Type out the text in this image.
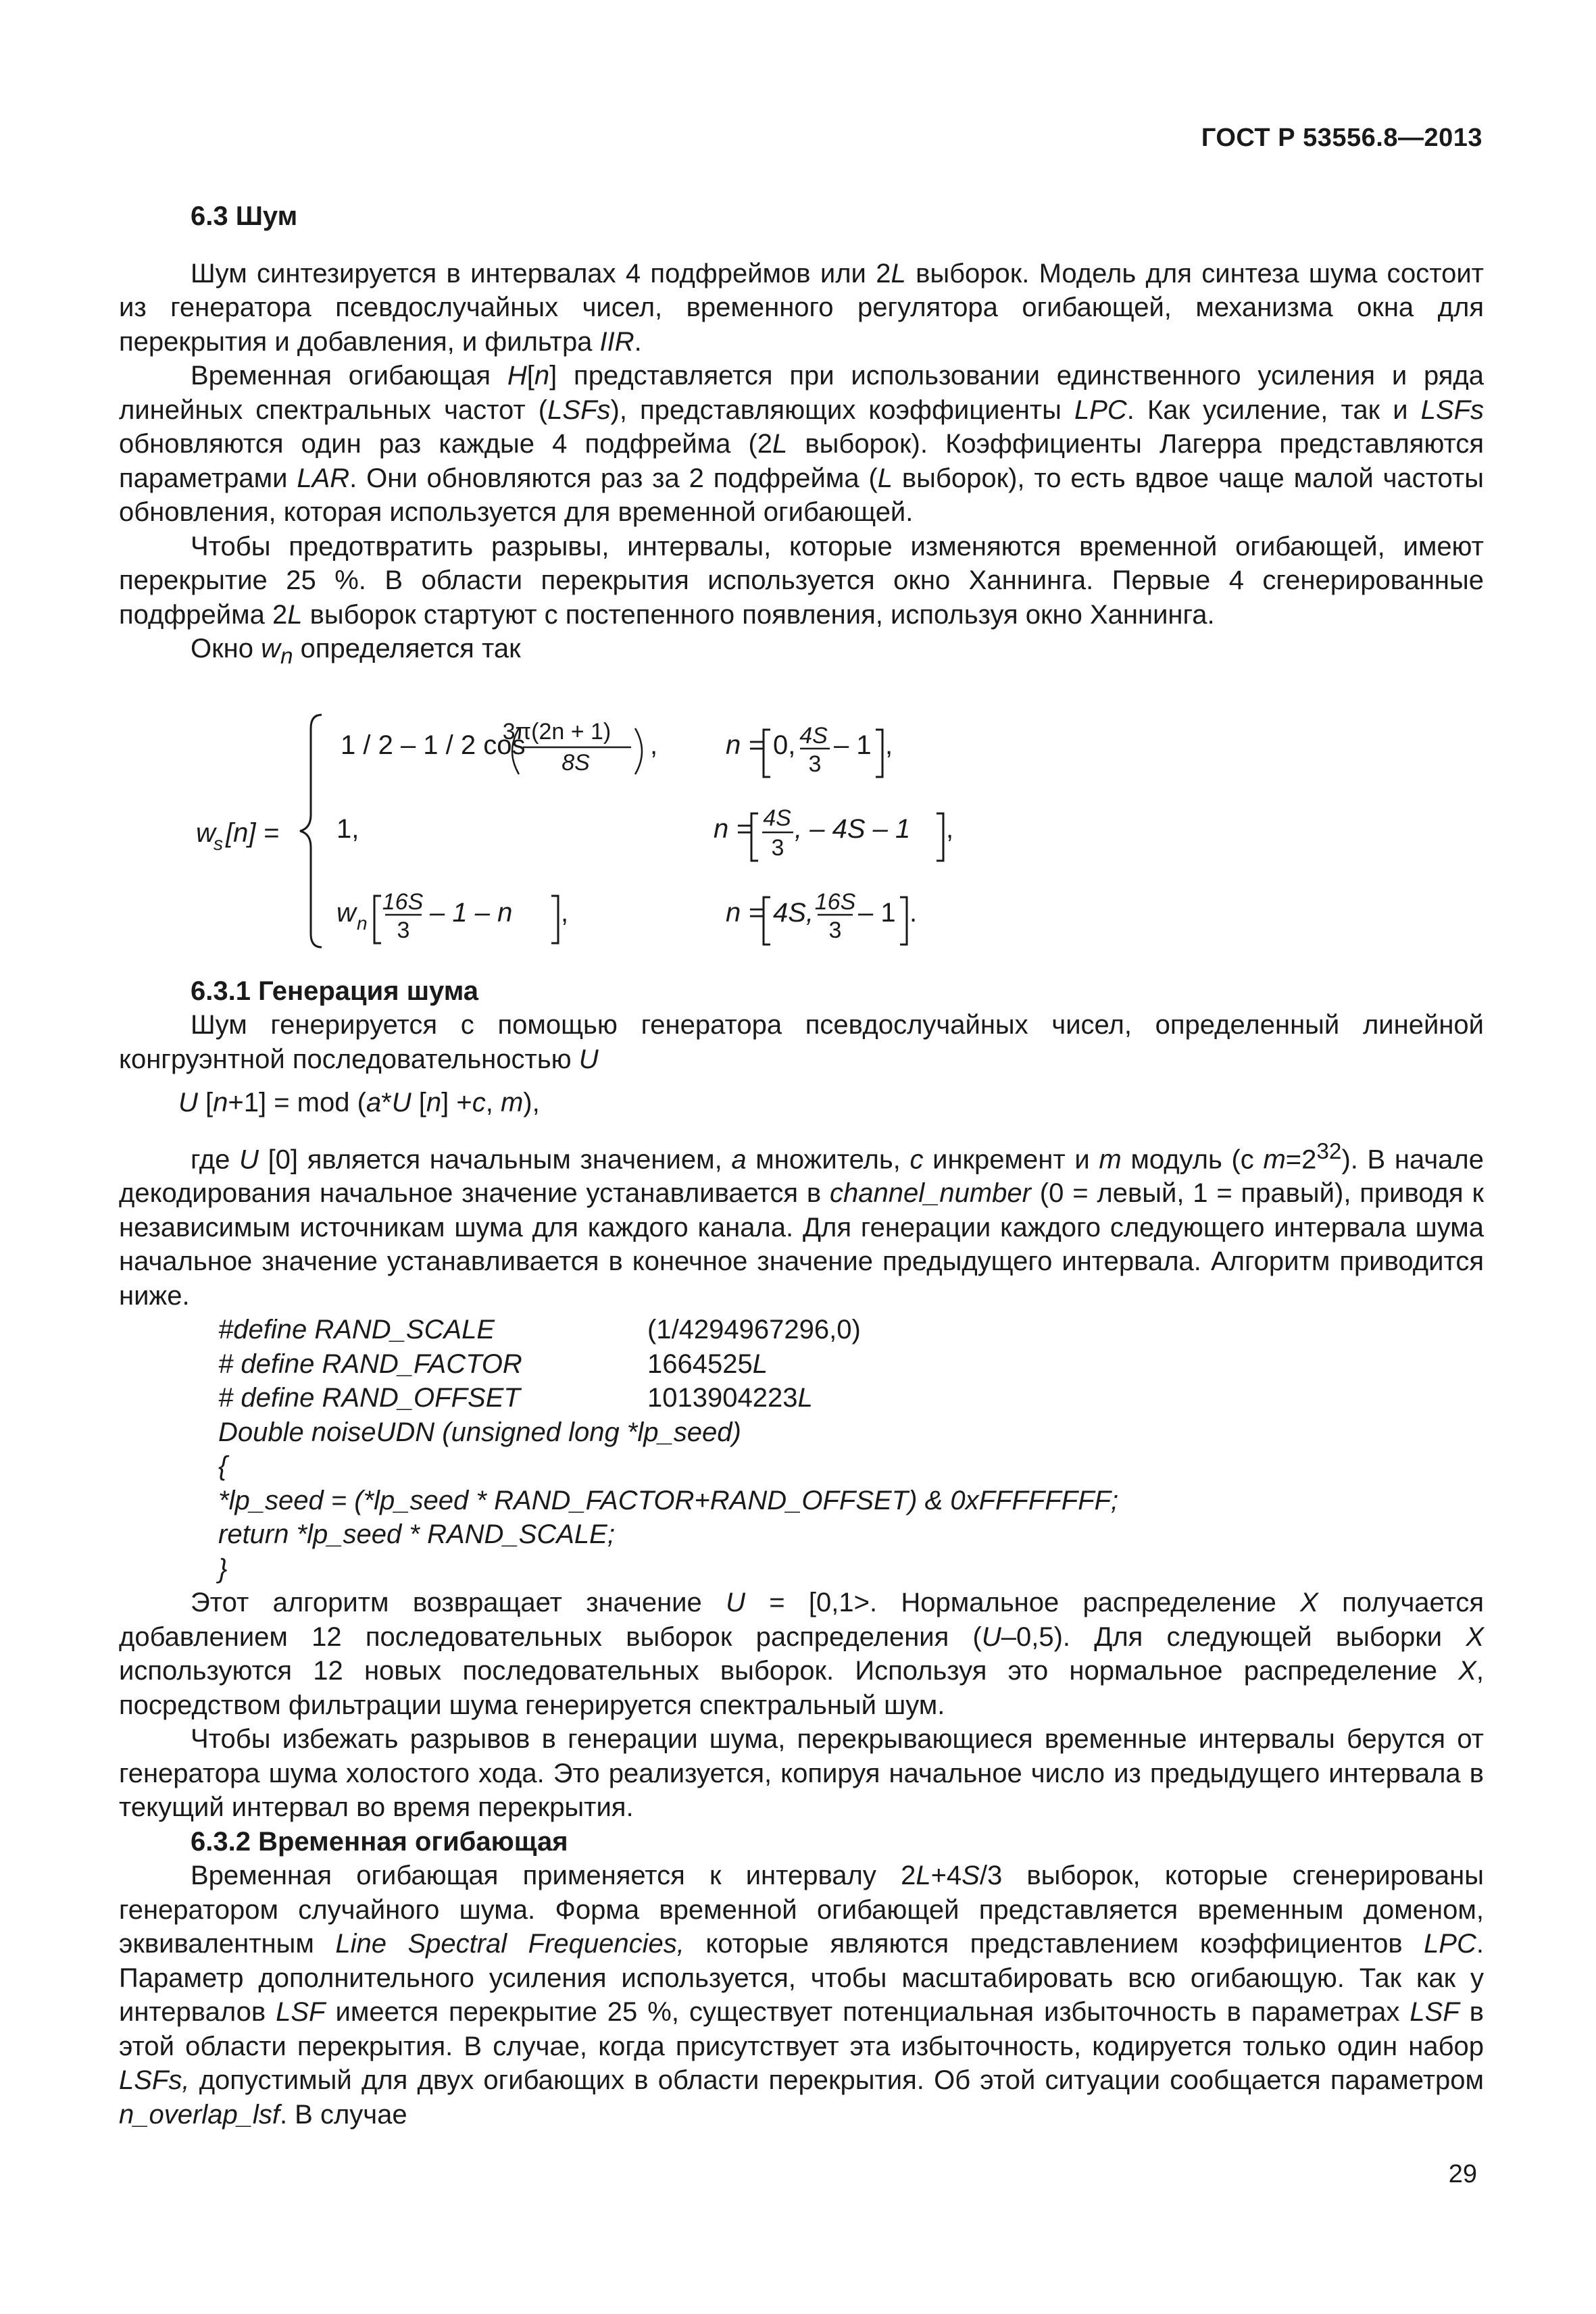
ГОСТ Р 53556.8—2013
6.3 Шум

Шум синтезируется в интервалах 4 подфреймов или 2L выборок. Модель для синтеза шума состоит из генератора псевдослучайных чисел, временного регулятора огибающей, механизма окна для перекрытия и добавления, и фильтра IIR.

Временная огибающая H[n] представляется при использовании единственного усиления и ряда линейных спектральных частот (LSFs), представляющих коэффициенты LPC. Как усиление, так и LSFs обновляются один раз каждые 4 подфрейма (2L выборок). Коэффициенты Лагерра представляются параметрами LAR. Они обновляются раз за 2 подфрейма (L выборок), то есть вдвое чаще малой частоты обновления, которая используется для временной огибающей.

Чтобы предотвратить разрывы, интервалы, которые изменяются временной огибающей, имеют перекрытие 25 %. В области перекрытия используется окно Ханнинга. Первые 4 сгенерированные подфрейма 2L выборок стартуют с постепенного появления, используя окно Ханнинга.

Окно $w_n$ определяется так

w
s [n] =
1 / 2 – 1 / 2 cos
3π(2n + 1)
8S
,	n = 0, 4S
3
– 1 ,
1,	n = 4S
3
, – 4S – 1 ,
w n
16S
3
– 1 – n ,	n = 4S, 16S
3
– 1 .
6.3.1 Генерация шума

Шум генерируется с помощью генератора псевдослучайных чисел, определенный линейной конгруэнтной последовательностью U

U [n+1] = mod (a*U [n] +c, m),

где U [0] является начальным значением, a множитель, c инкремент и m модуль (с $m=2^{32}$). В начале декодирования начальное значение устанавливается в channel_number (0 = левый, 1 = правый), приводя к независимым источникам шума для каждого канала. Для генерации каждого следующего интервала шума начальное значение устанавливается в конечное значение предыдущего интервала. Алгоритм приводится ниже.

#define RAND_SCALE	(1/4294967296,0)
# define RAND_FACTOR	1664525L
# define RAND_OFFSET	1013904223L
Double noiseUDN (unsigned long *lp_seed)
{
*lp_seed = (*lp_seed * RAND_FACTOR+RAND_OFFSET) & 0xFFFFFFFF;
return *lp_seed * RAND_SCALE;
}

Этот алгоритм возвращает значение U = [0,1>. Нормальное распределение X получается добавлением 12 последовательных выборок распределения (U–0,5). Для следующей выборки X используются 12 новых последовательных выборок. Используя это нормальное распределение X, посредством фильтрации шума генерируется спектральный шум.

Чтобы избежать разрывов в генерации шума, перекрывающиеся временные интервалы берутся от генератора шума холостого хода. Это реализуется, копируя начальное число из предыдущего интервала в текущий интервал во время перекрытия.

6.3.2 Временная огибающая

Временная огибающая применяется к интервалу 2L+4S/3 выборок, которые сгенерированы генератором случайного шума. Форма временной огибающей представляется временным доменом, эквивалентным Line Spectral Frequencies, которые являются представлением коэффициентов LPC. Параметр дополнительного усиления используется, чтобы масштабировать всю огибающую. Так как у интервалов LSF имеется перекрытие 25 %, существует потенциальная избыточность в параметрах LSF в этой области перекрытия. В случае, когда присутствует эта избыточность, кодируется только один набор LSFs, допустимый для двух огибающих в области перекрытия. Об этой ситуации сообщается параметром n_overlap_lsf. В случае

29
